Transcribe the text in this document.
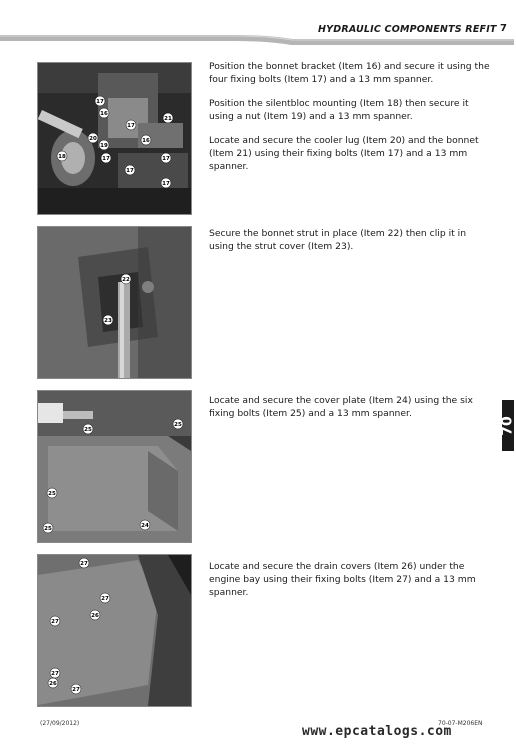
HYDRAULIC COMPONENTS REFIT 7
17
16
17
20
19
18	17
21
16
17
17
17

Position the bonnet bracket (Item 16) and secure it using the four fixing bolts (Item 17) and a 13 mm spanner.

Position the silentbloc mounting (Item 18) then secure it using a nut (Item 19) and a 13 mm spanner.

Locate and secure the cooler lug (Item 20) and the bonnet (Item 21) using their fixing bolts (Item 17) and a 13 mm spanner.

22
23

Secure the bonnet strut in place (Item 22) then clip it in using the strut cover (Item 23).

25
25
25
25	24

Locate and secure the cover plate (Item 24) using the six fixing bolts (Item 25) and a 13 mm spanner.

27
27
27
26
27
26
27

Locate and secure the drain covers (Item 26) under the engine bay using their fixing bolts (Item 27) and a 13 mm spanner.

70
(27/09/2012)	70-07-M206EN
www.epcatalogs.com
